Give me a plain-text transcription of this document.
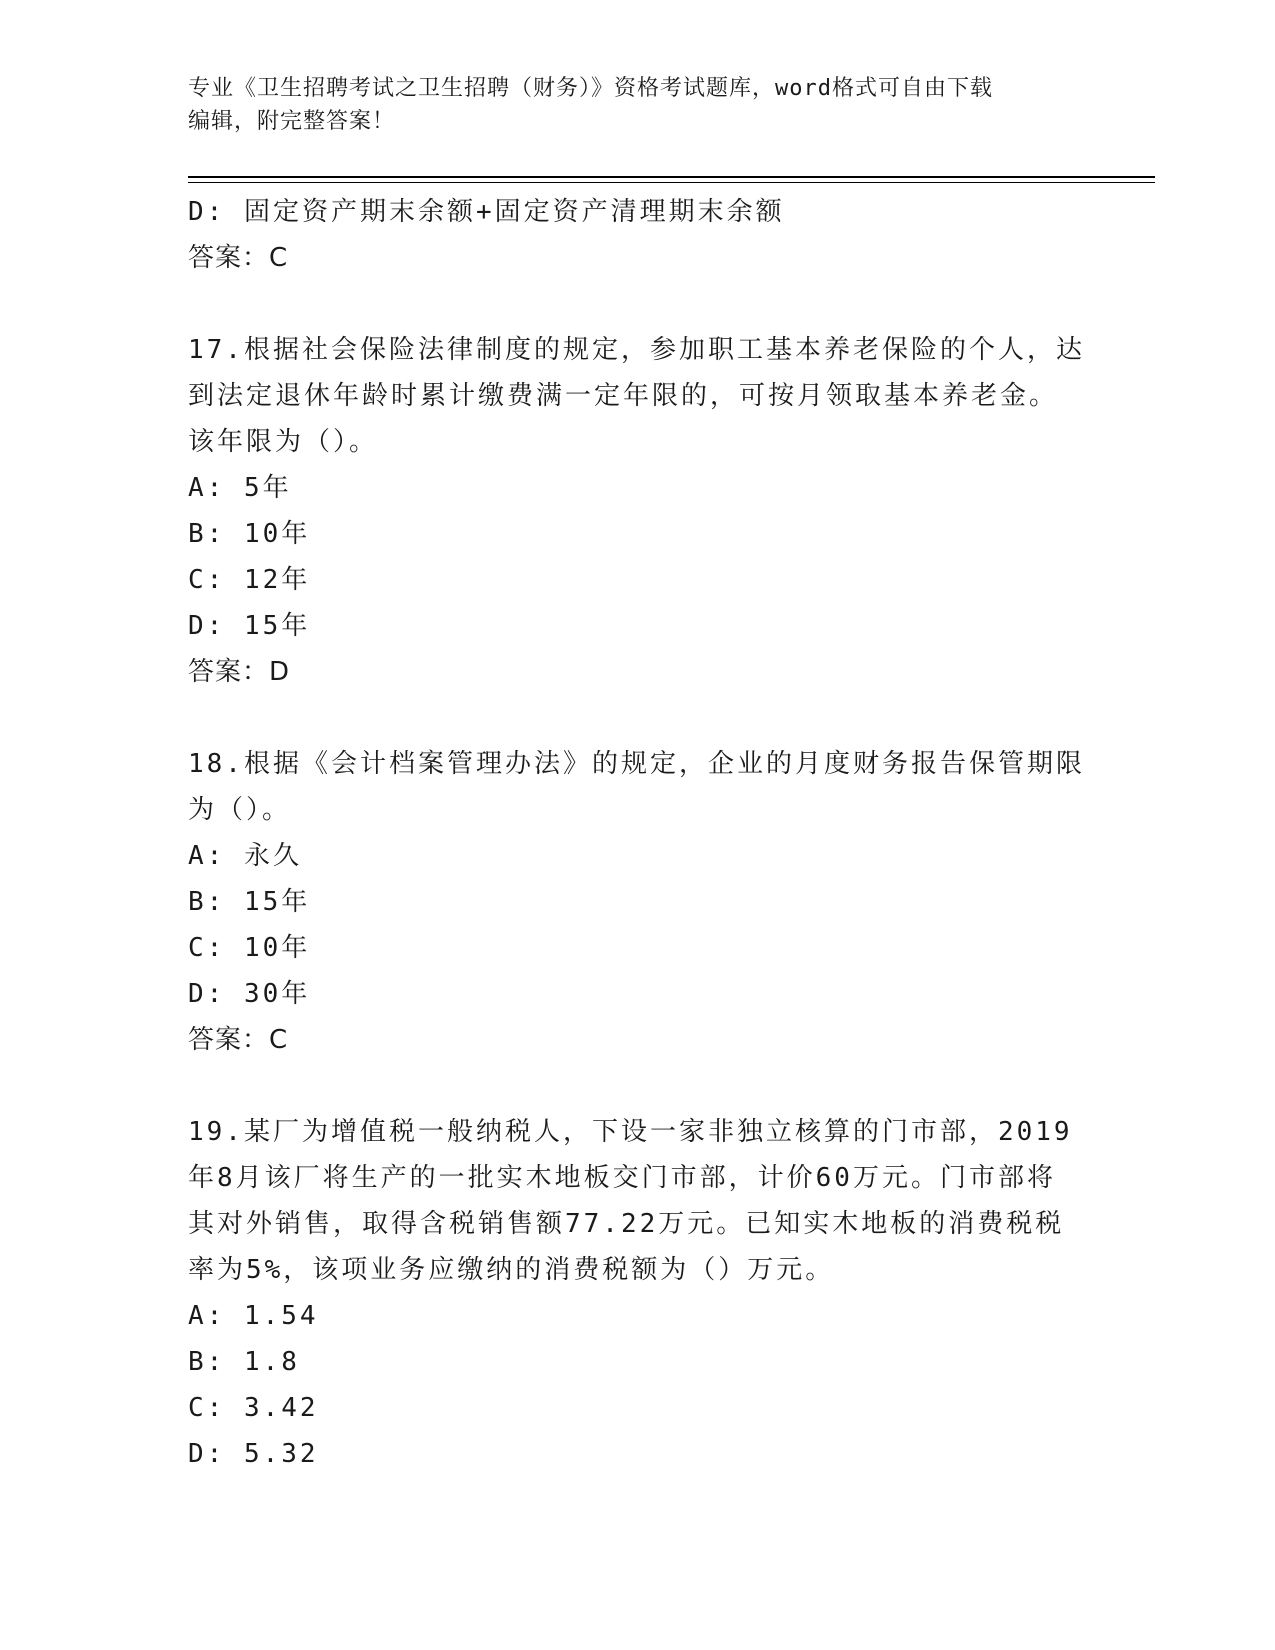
专业《卫生招聘考试之卫生招聘（财务）》资格考试题库，word格式可自由下载

编辑，附完整答案！

D: 固定资产期末余额+固定资产清理期末余额
答案：C
17.根据社会保险法律制度的规定，参加职工基本养老保险的个人，达
到法定退休年龄时累计缴费满一定年限的，可按月领取基本养老金。
该年限为（）。
A: 5年
B: 10年
C: 12年
D: 15年
答案：D
18.根据《会计档案管理办法》的规定，企业的月度财务报告保管期限
为（）。
A: 永久
B: 15年
C: 10年
D: 30年
答案：C
19.某厂为增值税一般纳税人，下设一家非独立核算的门市部，2019
年8月该厂将生产的一批实木地板交门市部，计价60万元。门市部将
其对外销售，取得含税销售额77.22万元。已知实木地板的消费税税
率为5%，该项业务应缴纳的消费税额为（）万元。
A: 1.54
B: 1.8
C: 3.42
D: 5.32
